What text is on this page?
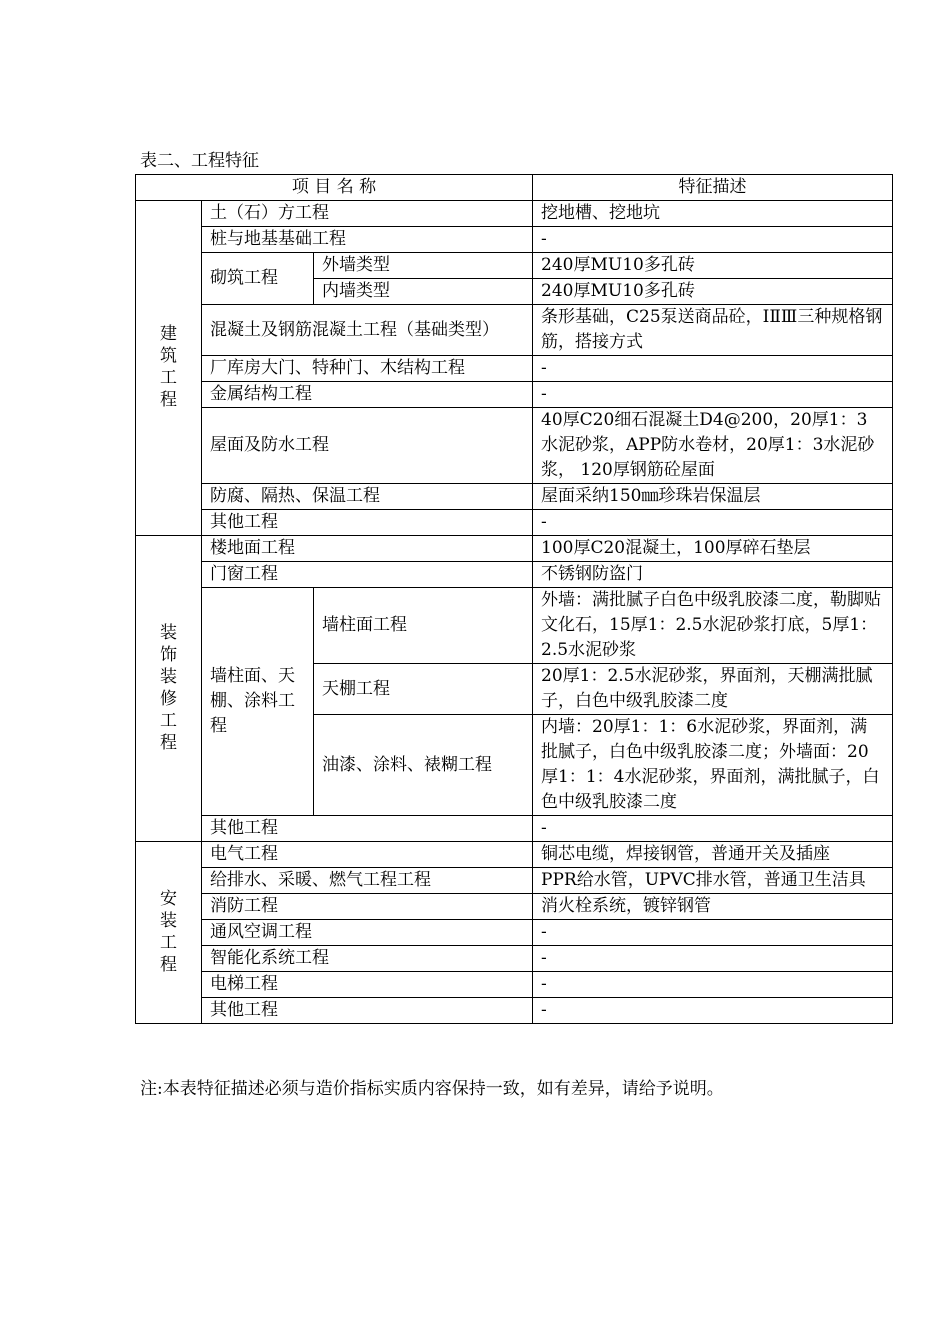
表二、工程特征
项 目 名 称			特征描述
建筑工程	土（石）方工程		挖地槽、挖地坑
	桩与地基基础工程		-
	砌筑工程	外墙类型	240厚MU10多孔砖
		内墙类型	240厚MU10多孔砖
	混凝土及钢筋混凝土工程（基础类型）		条形基础，C25泵送商品砼，ⅠⅡⅢ三种规格钢筋，搭接方式
	厂库房大门、特种门、木结构工程		-
	金属结构工程		-
	屋面及防水工程		40厚C20细石混凝土D4@200，20厚1：3水泥砂浆，APP防水卷材，20厚1：3水泥砂浆， 120厚钢筋砼屋面
	防腐、隔热、保温工程		屋面采纳150㎜珍珠岩保温层
	其他工程		-
装饰装修工程	楼地面工程		100厚C20混凝土，100厚碎石垫层
	门窗工程		不锈钢防盗门
	墙柱面、天棚、涂料工程	墙柱面工程	外墙：满批腻子白色中级乳胶漆二度，勒脚贴文化石，15厚1：2.5水泥砂浆打底，5厚1：2.5水泥砂浆
		天棚工程	20厚1：2.5水泥砂浆，界面剂，天棚满批腻子，白色中级乳胶漆二度
		油漆、涂料、裱糊工程	内墙：20厚1：1：6水泥砂浆，界面剂，满批腻子，白色中级乳胶漆二度；外墙面：20厚1：1：4水泥砂浆，界面剂，满批腻子，白色中级乳胶漆二度
	其他工程		-
安装工程	电气工程		铜芯电缆，焊接钢管，普通开关及插座
	给排水、采暖、燃气工程工程		PPR给水管，UPVC排水管，普通卫生洁具
	消防工程		消火栓系统，镀锌钢管
	通风空调工程		-
	智能化系统工程		-
	电梯工程		-
	其他工程		-
注:本表特征描述必须与造价指标实质内容保持一致，如有差异，请给予说明。
